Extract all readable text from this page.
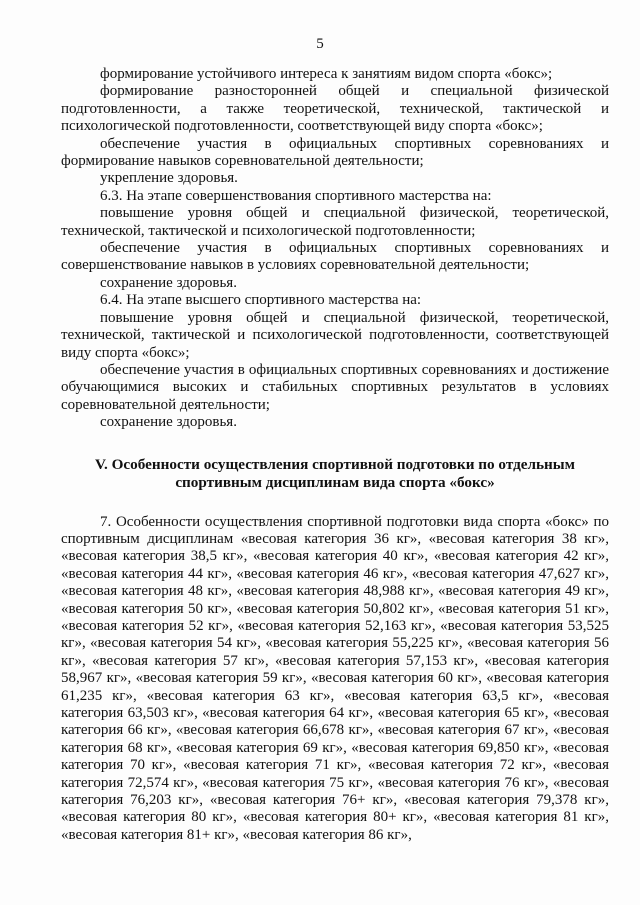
5

формирование устойчивого интереса к занятиям видом спорта «бокс»;

формирование разносторонней общей и специальной физической подготовленности, а также теоретической, технической, тактической и психологической подготовленности, соответствующей виду спорта «бокс»;

обеспечение участия в официальных спортивных соревнованиях и формирование навыков соревновательной деятельности;

укрепление здоровья.

6.3. На этапе совершенствования спортивного мастерства на:

повышение уровня общей и специальной физической, теоретической, технической, тактической и психологической подготовленности;

обеспечение участия в официальных спортивных соревнованиях и совершенствование навыков в условиях соревновательной деятельности;

сохранение здоровья.

6.4. На этапе высшего спортивного мастерства на:

повышение уровня общей и специальной физической, теоретической, технической, тактической и психологической подготовленности, соответствующей виду спорта «бокс»;

обеспечение участия в официальных спортивных соревнованиях и достижение обучающимися высоких и стабильных спортивных результатов в условиях соревновательной деятельности;

сохранение здоровья.

V. Особенности осуществления спортивной подготовки по отдельным
спортивным дисциплинам вида спорта «бокс»

7. Особенности осуществления спортивной подготовки вида спорта «бокс» по спортивным дисциплинам «весовая категория 36 кг», «весовая категория 38 кг», «весовая категория 38,5 кг», «весовая категория 40 кг», «весовая категория 42 кг», «весовая категория 44 кг», «весовая категория 46 кг», «весовая категория 47,627 кг», «весовая категория 48 кг», «весовая категория 48,988 кг», «весовая категория 49 кг», «весовая категория 50 кг», «весовая категория 50,802 кг», «весовая категория 51 кг», «весовая категория 52 кг», «весовая категория 52,163 кг», «весовая категория 53,525 кг», «весовая категория 54 кг», «весовая категория 55,225 кг», «весовая категория 56 кг», «весовая категория 57 кг», «весовая категория 57,153 кг», «весовая категория 58,967 кг», «весовая категория 59 кг», «весовая категория 60 кг», «весовая категория 61,235 кг», «весовая категория 63 кг», «весовая категория 63,5 кг», «весовая категория 63,503 кг», «весовая категория 64 кг», «весовая категория 65 кг», «весовая категория 66 кг», «весовая категория 66,678 кг», «весовая категория 67 кг», «весовая категория 68 кг», «весовая категория 69 кг», «весовая категория 69,850 кг», «весовая категория 70 кг», «весовая категория 71 кг», «весовая категория 72 кг», «весовая категория 72,574 кг», «весовая категория 75 кг», «весовая категория 76 кг», «весовая категория 76,203 кг», «весовая категория 76+ кг», «весовая категория 79,378 кг», «весовая категория 80 кг», «весовая категория 80+ кг», «весовая категория 81 кг», «весовая категория 81+ кг», «весовая категория 86 кг»,
